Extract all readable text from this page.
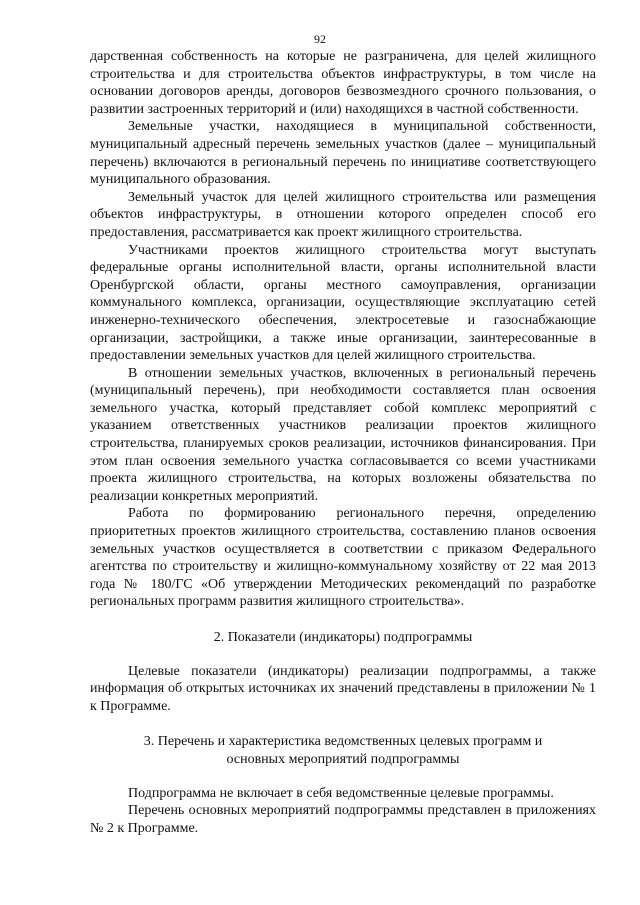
92

дарственная собственность на которые не разграничена, для целей жилищного строительства и для строительства объектов инфраструктуры, в том числе на основании договоров аренды, договоров безвозмездного срочного пользования, о развитии застроенных территорий и (или) находящихся в частной собственности.

Земельные участки, находящиеся в муниципальной собственности, муниципальный адресный перечень земельных участков (далее – муниципальный перечень) включаются в региональный перечень по инициативе соответствующего муниципального образования.

Земельный участок для целей жилищного строительства или размещения объектов инфраструктуры, в отношении которого определен способ его предоставления, рассматривается как проект жилищного строительства.

Участниками проектов жилищного строительства могут выступать федеральные органы исполнительной власти, органы исполнительной власти Оренбургской области, органы местного самоуправления, организации коммунального комплекса, организации, осуществляющие эксплуатацию сетей инженерно-технического обеспечения, электросетевые и газоснабжающие организации, застройщики, а также иные организации, заинтересованные в предоставлении земельных участков для целей жилищного строительства.

В отношении земельных участков, включенных в региональный перечень (муниципальный перечень), при необходимости составляется план освоения земельного участка, который представляет собой комплекс мероприятий с указанием ответственных участников реализации проектов жилищного строительства, планируемых сроков реализации, источников финансирования. При этом план освоения земельного участка согласовывается со всеми участниками проекта жилищного строительства, на которых возложены обязательства по реализации конкретных мероприятий.

Работа по формированию регионального перечня, определению приоритетных проектов жилищного строительства, составлению планов освоения земельных участков осуществляется в соответствии с приказом Федерального агентства по строительству и жилищно-коммунальному хозяйству от 22 мая 2013 года № 180/ГС «Об утверждении Методических рекомендаций по разработке региональных программ развития жилищного строительства».

2. Показатели (индикаторы) подпрограммы

Целевые показатели (индикаторы) реализации подпрограммы, а также информация об открытых источниках их значений представлены в приложении № 1 к Программе.

3. Перечень и характеристика ведомственных целевых программ и
основных мероприятий подпрограммы

Подпрограмма не включает в себя ведомственные целевые программы.

Перечень основных мероприятий подпрограммы представлен в приложениях № 2 к Программе.
